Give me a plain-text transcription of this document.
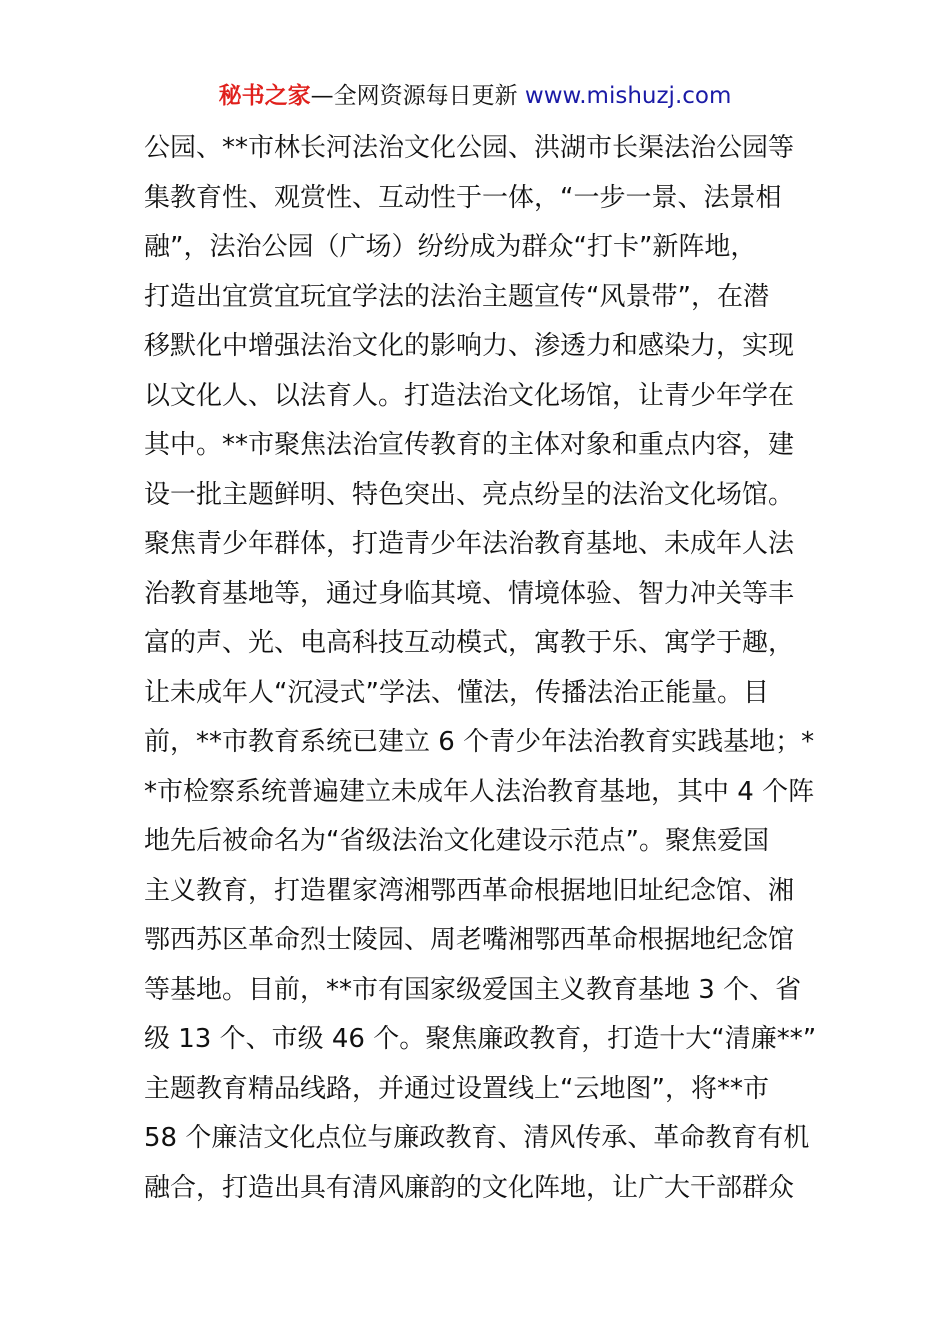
秘书之家—全网资源每日更新 www.mishuzj.com
公园、**市林长河法治文化公园、洪湖市长渠法治公园等
集教育性、观赏性、互动性于一体，“一步一景、法景相
融”，法治公园（广场）纷纷成为群众“打卡”新阵地，
打造出宜赏宜玩宜学法的法治主题宣传“风景带”，在潜
移默化中增强法治文化的影响力、渗透力和感染力，实现
以文化人、以法育人。打造法治文化场馆，让青少年学在
其中。**市聚焦法治宣传教育的主体对象和重点内容，建
设一批主题鲜明、特色突出、亮点纷呈的法治文化场馆。
聚焦青少年群体，打造青少年法治教育基地、未成年人法
治教育基地等，通过身临其境、情境体验、智力冲关等丰
富的声、光、电高科技互动模式，寓教于乐、寓学于趣，
让未成年人“沉浸式”学法、懂法，传播法治正能量。目
前，**市教育系统已建立 6 个青少年法治教育实践基地；*
*市检察系统普遍建立未成年人法治教育基地，其中 4 个阵
地先后被命名为“省级法治文化建设示范点”。聚焦爱国
主义教育，打造瞿家湾湘鄂西革命根据地旧址纪念馆、湘
鄂西苏区革命烈士陵园、周老嘴湘鄂西革命根据地纪念馆
等基地。目前，**市有国家级爱国主义教育基地 3 个、省
级 13 个、市级 46 个。聚焦廉政教育，打造十大“清廉**”
主题教育精品线路，并通过设置线上“云地图”，将**市
58 个廉洁文化点位与廉政教育、清风传承、革命教育有机
融合，打造出具有清风廉韵的文化阵地，让广大干部群众
